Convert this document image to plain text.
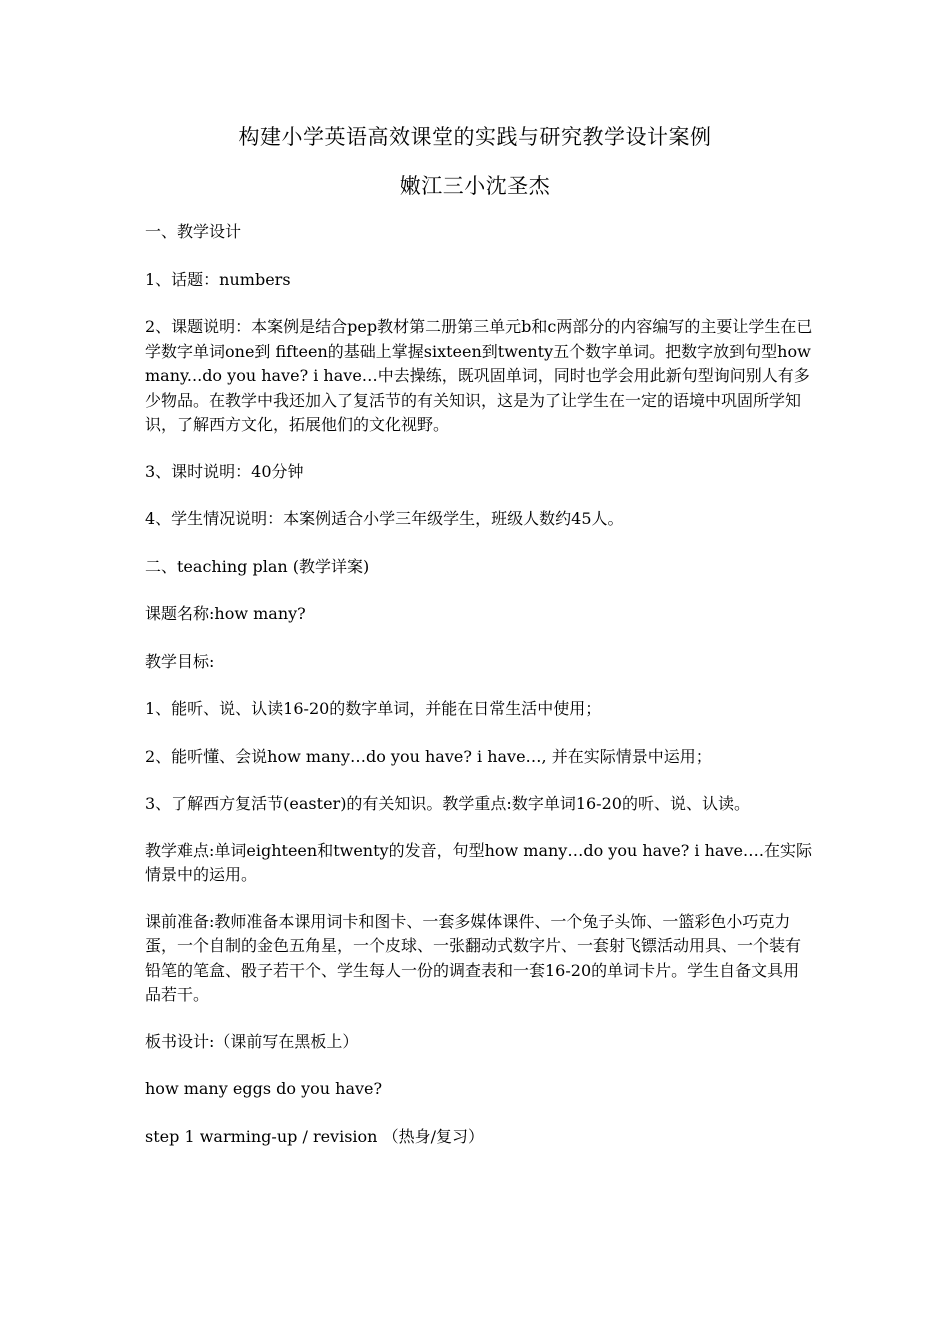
构建小学英语高效课堂的实践与研究教学设计案例
嫩江三小沈圣杰

一、教学设计

1、话题：numbers

2、课题说明：本案例是结合pep教材第二册第三单元b和c两部分的内容编写的主要让学生在已学数字单词one到 fifteen的基础上掌握sixteen到twenty五个数字单词。把数字放到句型how many...do you have? i have…中去操练，既巩固单词，同时也学会用此新句型询问别人有多少物品。在教学中我还加入了复活节的有关知识，这是为了让学生在一定的语境中巩固所学知识，了解西方文化，拓展他们的文化视野。

3、课时说明：40分钟

4、学生情况说明：本案例适合小学三年级学生，班级人数约45人。

二、teaching plan (教学详案)

课题名称:how many?

教学目标:

1、能听、说、认读16-20的数字单词，并能在日常生活中使用；

2、能听懂、会说how many…do you have? i have…, 并在实际情景中运用；

3、了解西方复活节(easter)的有关知识。教学重点:数字单词16-20的听、说、认读。

教学难点:单词eighteen和twenty的发音，句型how many…do you have? i have….在实际情景中的运用。

课前准备:教师准备本课用词卡和图卡、一套多媒体课件、一个兔子头饰、一篮彩色小巧克力蛋，一个自制的金色五角星，一个皮球、一张翻动式数字片、一套射飞镖活动用具、一个装有铅笔的笔盒、骰子若干个、学生每人一份的调查表和一套16-20的单词卡片。学生自备文具用品若干。

板书设计:（课前写在黑板上）

how many eggs do you have?

step 1 warming-up / revision （热身/复习）
